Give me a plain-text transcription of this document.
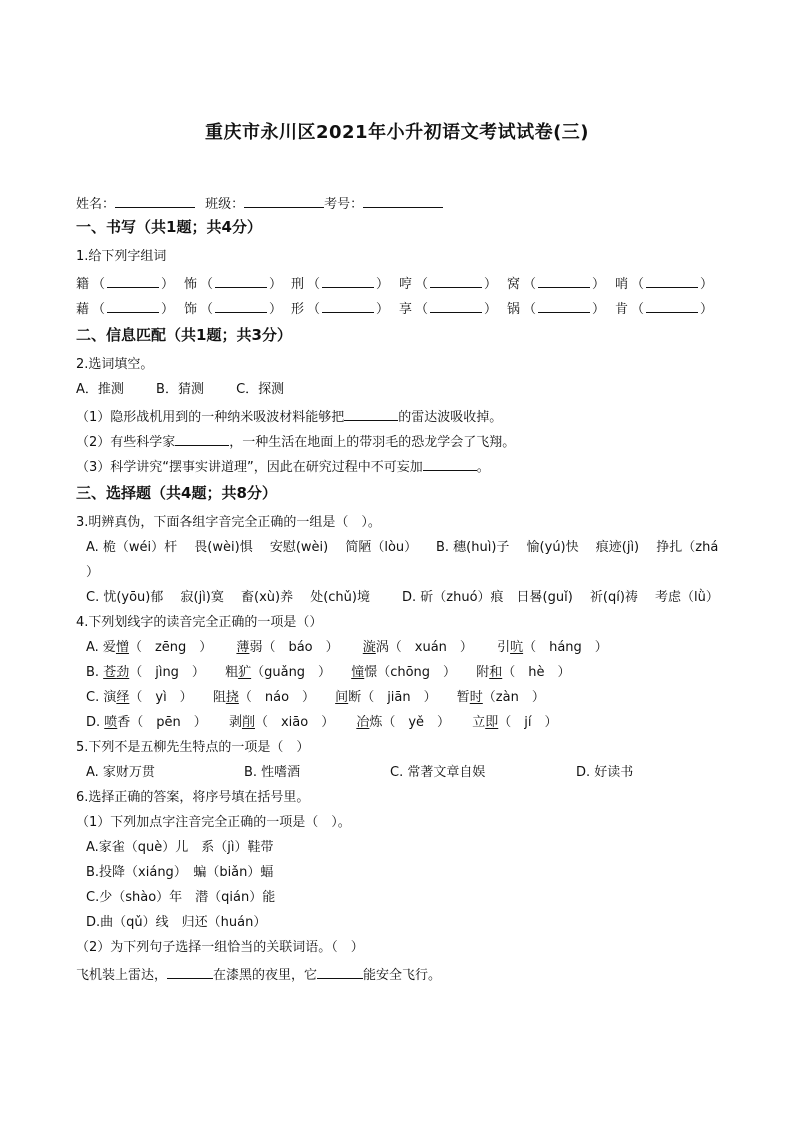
重庆市永川区2021年小升初语文考试试卷(三)
姓名：	班级：	考号：
一、书写（共1题；共4分）
1.给下列字组词
籍 （	） 怖 （	） 刑 （	） 哼 （	） 窝 （	） 哨 （	）
藉 （	） 饰 （	） 形 （	） 享 （	） 锅 （	） 肯 （	）
二、信息匹配（共1题；共3分）
2.选词填空。
A．推测 B．猜测 C．探测
（1）隐形战机用到的一种纳米吸波材料能够把	的雷达波吸收掉。
（2）有些科学家	，一种生活在地面上的带羽毛的恐龙学会了飞翔。
（3）科学讲究“摆事实讲道理”，因此在研究过程中不可妄加	。
三、选择题（共4题；共8分）
3.明辨真伪，下面各组字音完全正确的一组是（　）。
A. 桅（wéi）杆　 畏(wèi)惧　 安慰(wèi)　 简陋（lòu） B. 穗(huì)子　 愉(yú)快　 痕迹(jì)　 挣扎（zhá
）
C. 忧(yōu)郁　 寂(jì)寞　 畜(xù)养　 处(chǔ)境 D. 斫（zhuó）痕　日晷(guǐ)　 祈(qí)祷　 考虑（lǜ）
4.下列划线字的读音完全正确的一项是（）
A. 爱憎（　zēng　） 薄弱（　báo　） 漩涡（　xuán　） 引吭（　háng　）
B. 苍劲（　jìng　） 粗犷（guǎng　） 憧憬（chōng　） 附和（　hè　）
C. 演绎（　yì　） 阻挠（　náo　） 间断（　jiān　） 暂时（zàn　）
D. 喷香（　pēn　） 剥削（　xiāo　） 冶炼（　yě　） 立即（　jí　）
5.下列不是五柳先生特点的一项是（　）
A. 家财万贯	B. 性嗜酒	C. 常著文章自娱	D. 好读书
6.选择正确的答案，将序号填在括号里。
（1）下列加点字注音完全正确的一项是（　）。
A.家雀（què）儿　系（jì）鞋带
B.投降（xiáng）　蝙（biǎn）蝠
C.少（shào）年　潜（qián）能
D.曲（qǔ）线　归还（huán）
（2）为下列句子选择一组恰当的关联词语。（　）
飞机装上雷达，	在漆黑的夜里，它	能安全飞行。
